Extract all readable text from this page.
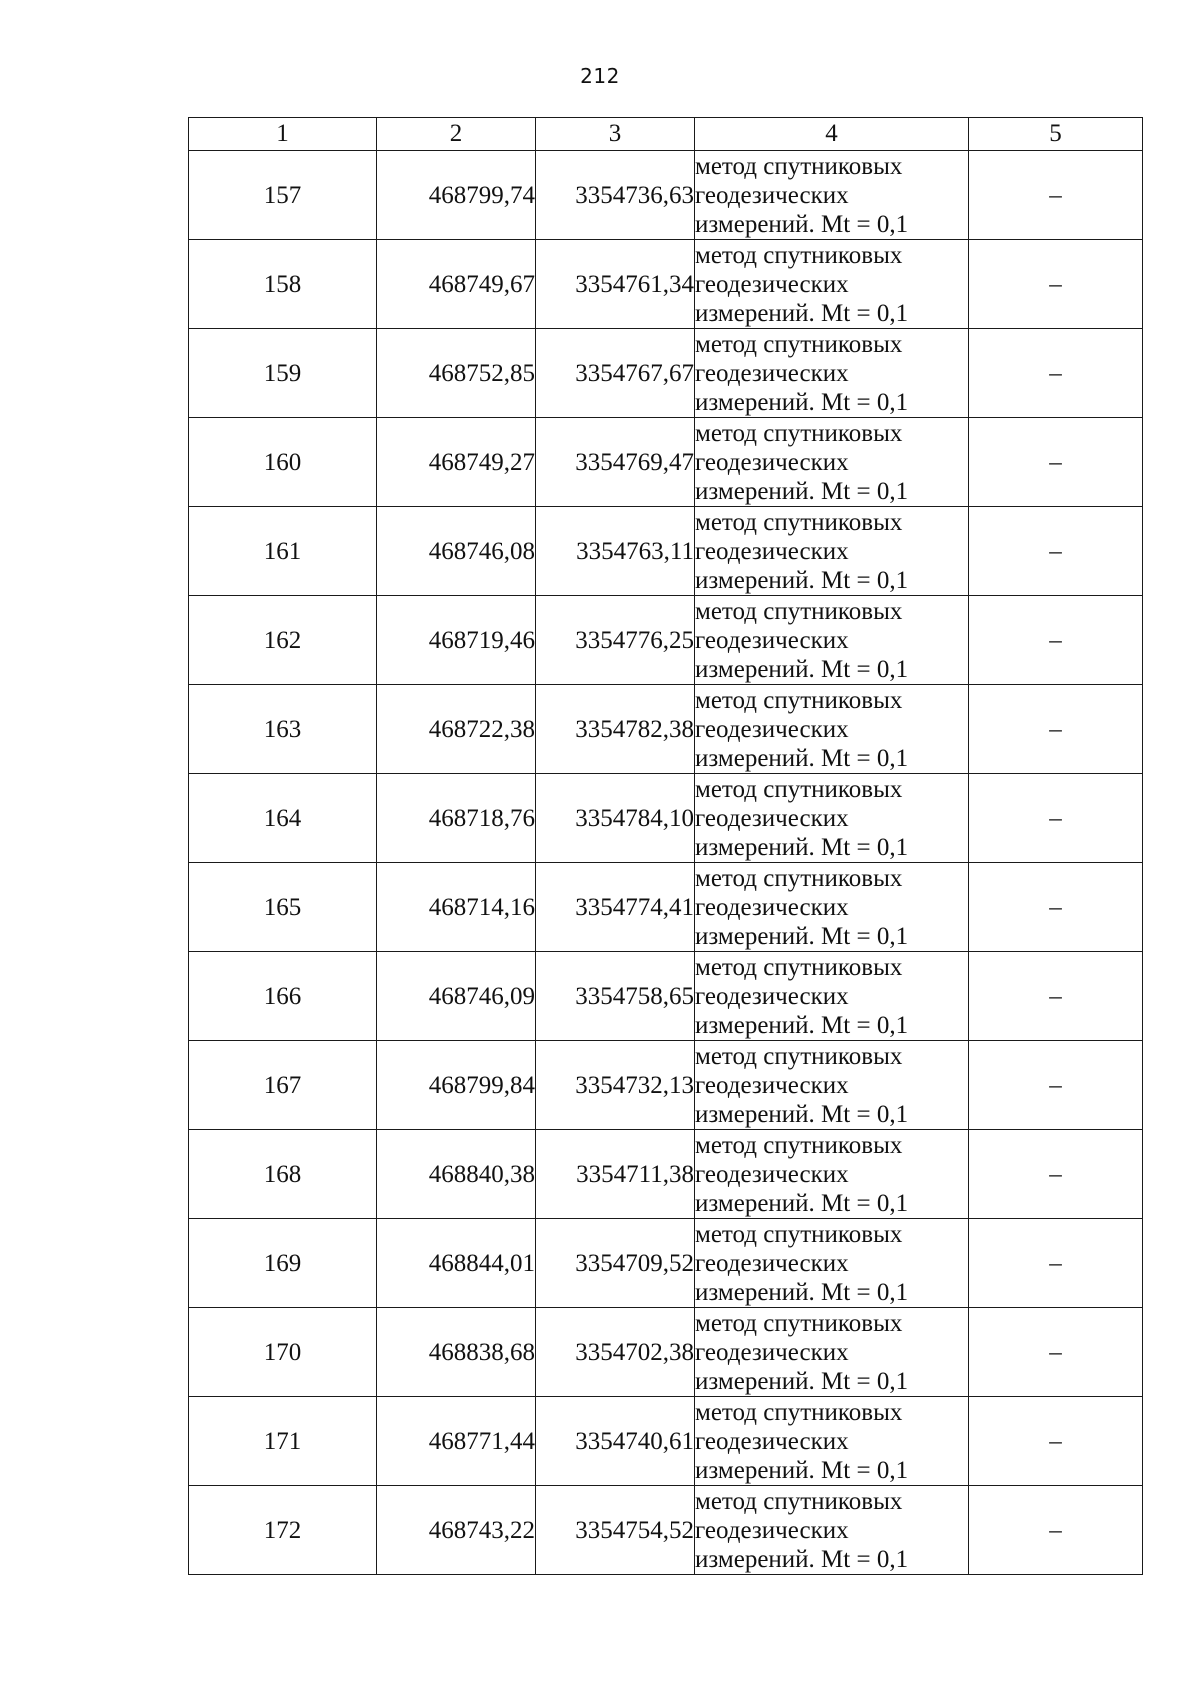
212
1	2	3	4	5
157	468799,74	3354736,63	метод спутниковых
геодезических
измерений. Mt = 0,1	–
158	468749,67	3354761,34	метод спутниковых
геодезических
измерений. Mt = 0,1	–
159	468752,85	3354767,67	метод спутниковых
геодезических
измерений. Mt = 0,1	–
160	468749,27	3354769,47	метод спутниковых
геодезических
измерений. Mt = 0,1	–
161	468746,08	3354763,11	метод спутниковых
геодезических
измерений. Mt = 0,1	–
162	468719,46	3354776,25	метод спутниковых
геодезических
измерений. Mt = 0,1	–
163	468722,38	3354782,38	метод спутниковых
геодезических
измерений. Mt = 0,1	–
164	468718,76	3354784,10	метод спутниковых
геодезических
измерений. Mt = 0,1	–
165	468714,16	3354774,41	метод спутниковых
геодезических
измерений. Mt = 0,1	–
166	468746,09	3354758,65	метод спутниковых
геодезических
измерений. Mt = 0,1	–
167	468799,84	3354732,13	метод спутниковых
геодезических
измерений. Mt = 0,1	–
168	468840,38	3354711,38	метод спутниковых
геодезических
измерений. Mt = 0,1	–
169	468844,01	3354709,52	метод спутниковых
геодезических
измерений. Mt = 0,1	–
170	468838,68	3354702,38	метод спутниковых
геодезических
измерений. Mt = 0,1	–
171	468771,44	3354740,61	метод спутниковых
геодезических
измерений. Mt = 0,1	–
172	468743,22	3354754,52	метод спутниковых
геодезических
измерений. Mt = 0,1	–
